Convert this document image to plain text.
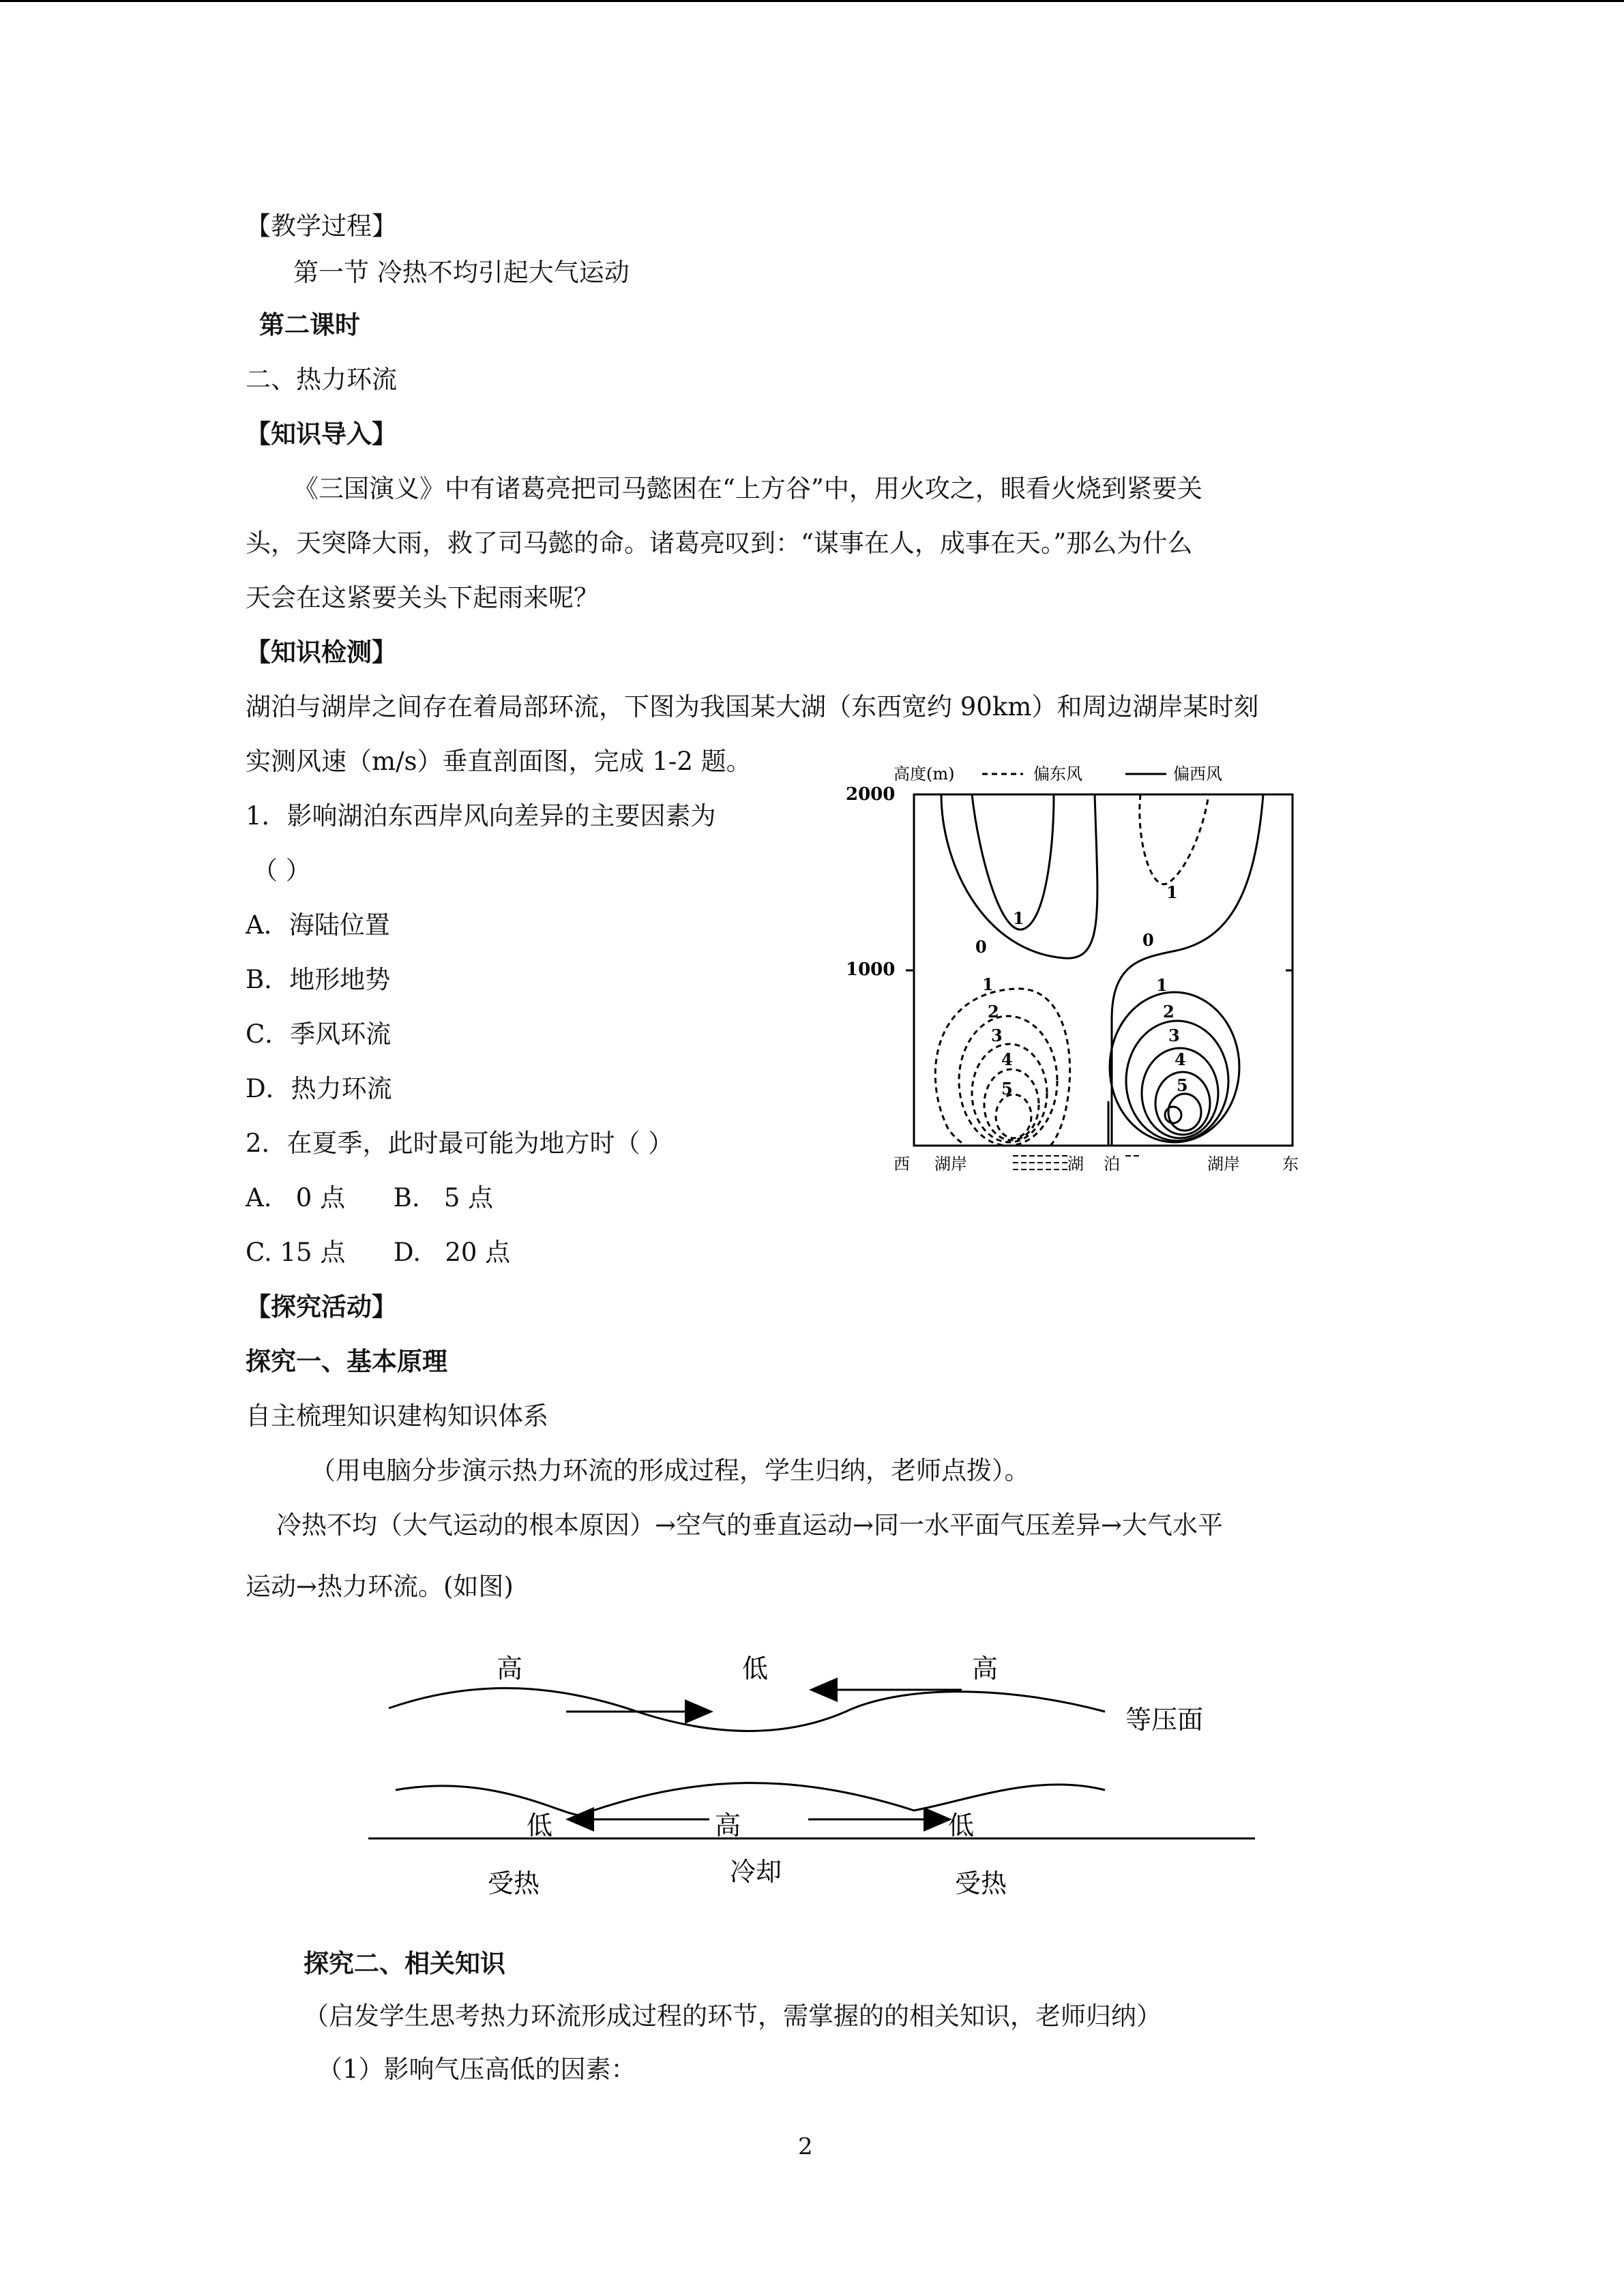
【教学过程】
第一节 冷热不均引起大气运动
第二课时
二、热力环流
【知识导入】
《三国演义》中有诸葛亮把司马懿困在“上方谷”中，用火攻之，眼看火烧到紧要关
头，天突降大雨，救了司马懿的命。诸葛亮叹到：“谋事在人，成事在天。”那么为什么
天会在这紧要关头下起雨来呢？
【知识检测】
湖泊与湖岸之间存在着局部环流，下图为我国某大湖（东西宽约 90km）和周边湖岸某时刻
实测风速（m/s）垂直剖面图，完成 1-2 题。
1．影响湖泊东西岸风向差异的主要因素为
（ ）
A．海陆位置
B．地形地势
C．季风环流
D．热力环流
2．在夏季，此时最可能为地方时（ ）
A.   0 点      B.   5 点
C. 15 点      D.   20 点
高度(m)	偏东风	偏西风
2000
1000
1
0
1
2
3
4
5
1
0
1
2
3
4
5
西 湖岸	湖 泊	湖岸	东
【探究活动】
探究一、基本原理
自主梳理知识建构知识体系
（用电脑分步演示热力环流的形成过程，学生归纳，老师点拨）。
冷热不均（大气运动的根本原因）→空气的垂直运动→同一水平面气压差异→大气水平
运动→热力环流。(如图)
高	低	高
等压面
低	高	低
受热	冷却	受热
探究二、相关知识
（启发学生思考热力环流形成过程的环节，需掌握的的相关知识，老师归纳）
（1）影响气压高低的因素：
2
